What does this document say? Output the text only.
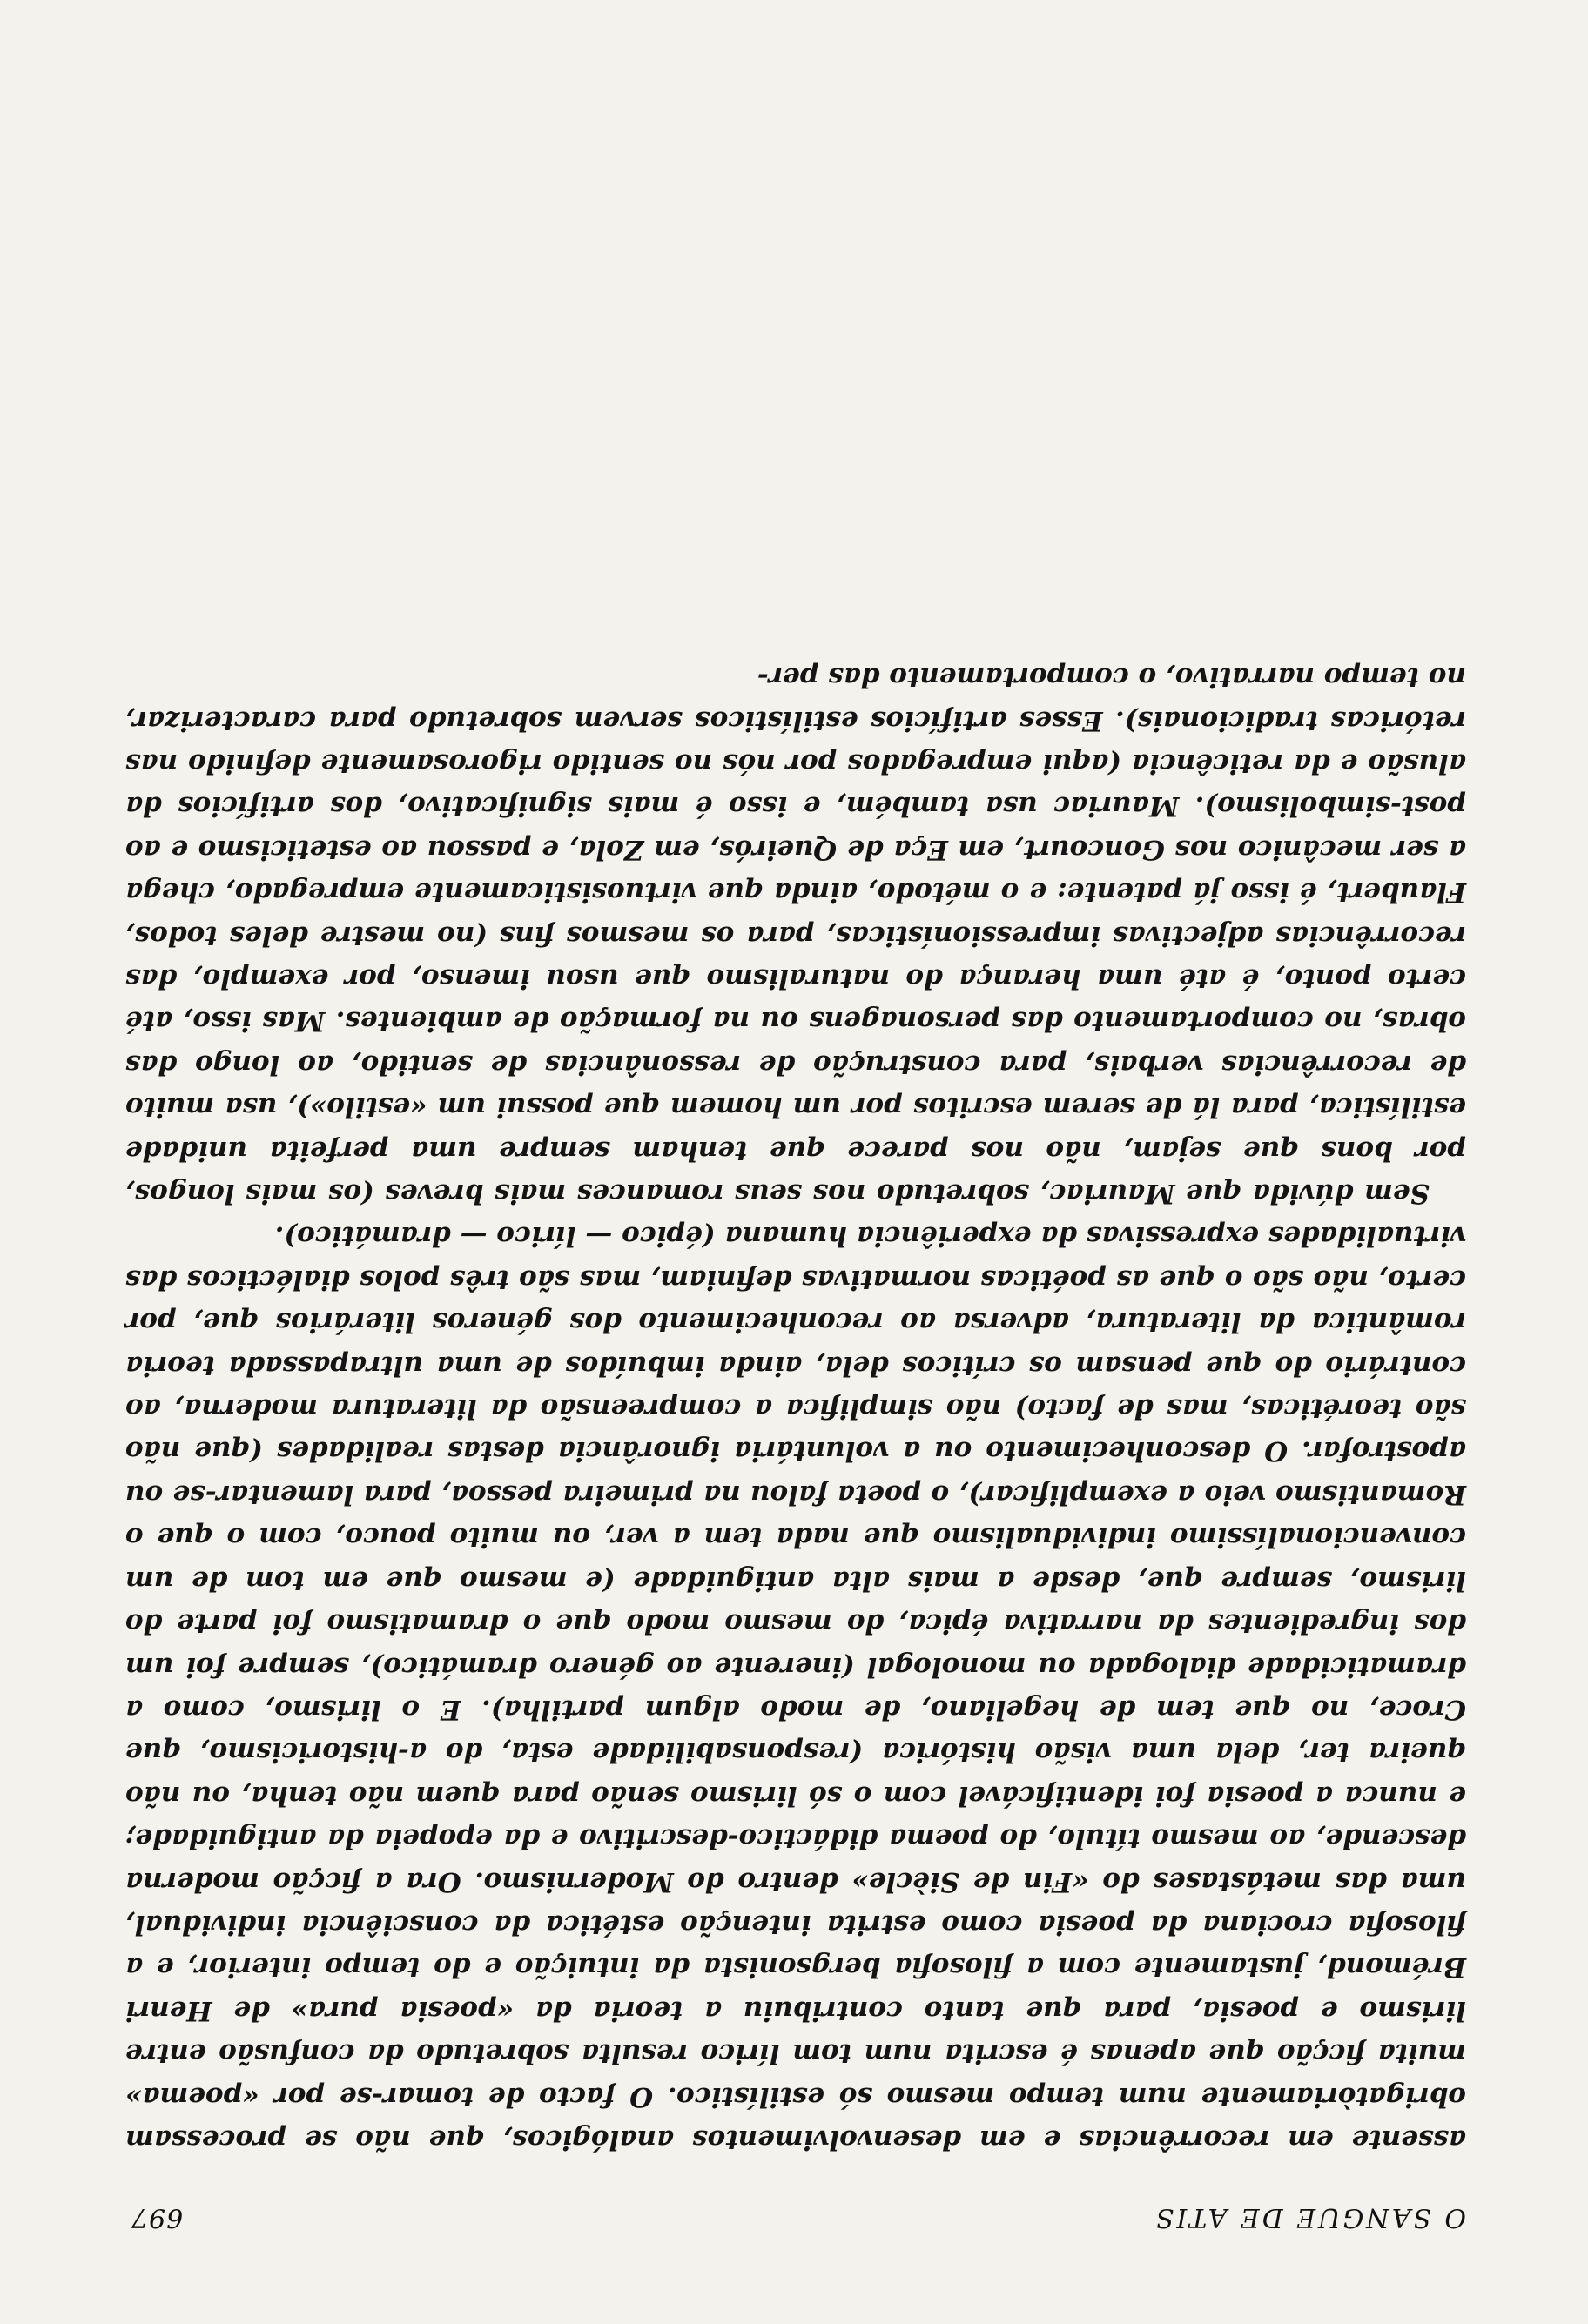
O SANGUE DE ATIS
697

assente em recorrências e em desenvolvimentos analógicos, que não se processam obrigatòriamente num tempo mesmo só estilístico. O facto de tomar-se por «poema» muita ficção que apenas é escrita num tom lírico resulta sobretudo da confusão entre lirismo e poesia, para que tanto contribuiu a teoria da «poesia pura» de Henri Brémond, justamente com a filosofia bergsonista da intuição e do tempo interior, e a filosofia crociana da poesia como estrita intenção estética da consciência individual, uma das metástases do «Fin de Siècle» dentro do Modernismo. Ora a ficção moderna descende, ao mesmo título, do poema didáctico-descritivo e da epopeia da antiguidade; e nunca a poesia foi identificável com o só lirismo senão para quem não tenha, ou não queira ter, dela uma visão histórica (responsabilidade esta, do a-historicismo, que Croce, no que tem de hegeliano, de modo algum partilha). E o lirismo, como a dramaticidade dialogada ou monologal (inerente ao género dramático), sempre foi um dos ingredientes da narrativa épica, do mesmo modo que o dramatismo foi parte do lirismo, sempre que, desde a mais alta antiguidade (e mesmo que em tom de um convencionalíssimo individualismo que nada tem a ver, ou muito pouco, com o que o Romantismo veio a exemplificar), o poeta falou na primeira pessoa, para lamentar-se ou apostrofar. O desconhecimento ou a voluntária ignorância destas realidades (que não são teoréticas, mas de facto) não simplifica a compreensão da literatura moderna, ao contrário do que pensam os críticos dela, ainda imbuídos de uma ultrapassada teoria romântica da literatura, adversa ao reconhecimento dos géneros literários que, por certo, não são o que as poéticas normativas definiam, mas são três polos dialécticos das virtualidades expressivas da experiência humana (épico — lírico — dramático).

Sem dúvida que Mauriac, sobretudo nos seus romances mais breves (os mais longos, por bons que sejam, não nos parece que tenham sempre uma perfeita unidade estilística, para lá de serem escritos por um homem que possui um «estilo»), usa muito de recorrências verbais, para construção de ressonâncias de sentido, ao longo das obras, no comportamento das personagens ou na formação de ambientes. Mas isso, até certo ponto, é até uma herança do naturalismo que usou imenso, por exemplo, das recorrências adjectivas impressionísticas, para os mesmos fins (no mestre deles todos, Flaubert, é isso já patente: e o método, ainda que virtuosisticamente empregado, chega a ser mecânico nos Goncourt, em Eça de Queirós, em Zola, e passou ao esteticismo e ao post-simbolismo). Mauriac usa também, e isso é mais significativo, dos artifícios da alusão e da reticência (aqui empregados por nós no sentido rigorosamente definido nas retóricas tradicionais). Esses artifícios estilísticos servem sobretudo para caracterizar, no tempo narrativo, o comportamento das per-
